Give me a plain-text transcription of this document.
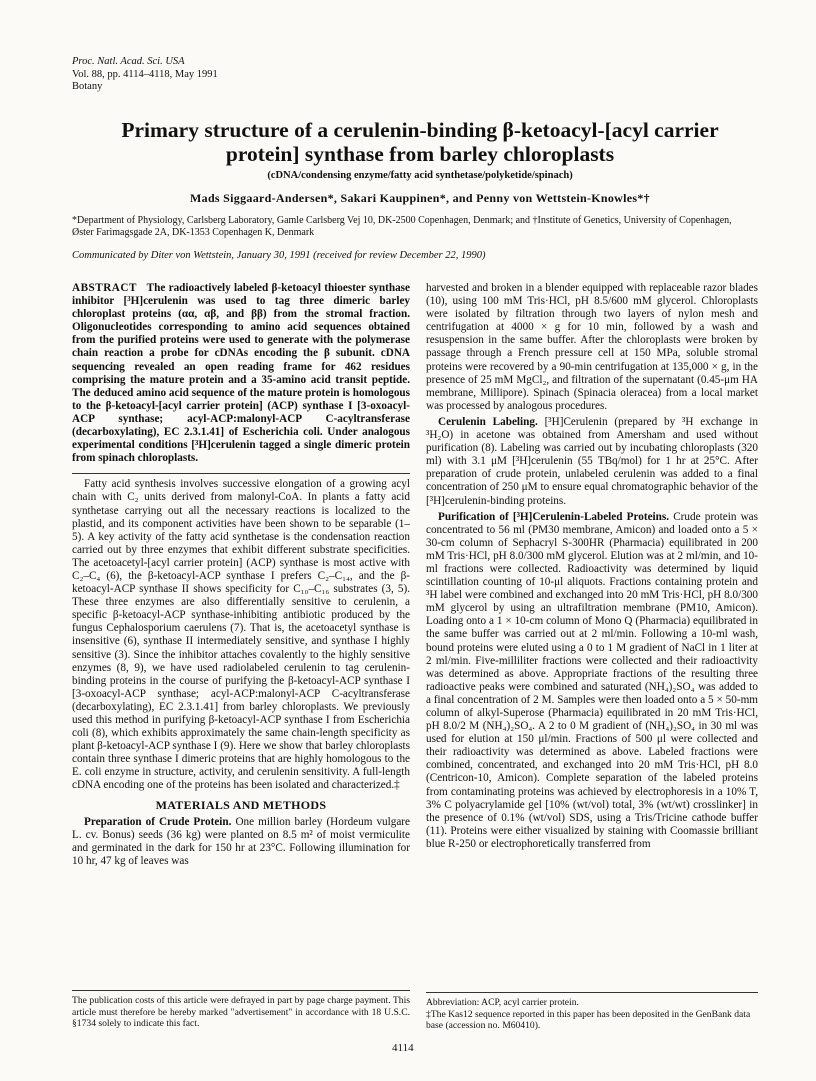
Proc. Natl. Acad. Sci. USA
Vol. 88, pp. 4114–4118, May 1991
Botany
Primary structure of a cerulenin-binding β-ketoacyl-[acyl carrier protein] synthase from barley chloroplasts
(cDNA/condensing enzyme/fatty acid synthetase/polyketide/spinach)
Mads Siggaard-Andersen*, Sakari Kauppinen*, and Penny von Wettstein-Knowles*†
*Department of Physiology, Carlsberg Laboratory, Gamle Carlsberg Vej 10, DK-2500 Copenhagen, Denmark; and †Institute of Genetics, University of Copenhagen, Øster Farimagsgade 2A, DK-1353 Copenhagen K, Denmark
Communicated by Diter von Wettstein, January 30, 1991 (received for review December 22, 1990)
ABSTRACT The radioactively labeled β-ketoacyl thioester synthase inhibitor [³H]cerulenin was used to tag three dimeric barley chloroplast proteins (αα, αβ, and ββ) from the stromal fraction. Oligonucleotides corresponding to amino acid sequences obtained from the purified proteins were used to generate with the polymerase chain reaction a probe for cDNAs encoding the β subunit. cDNA sequencing revealed an open reading frame for 462 residues comprising the mature protein and a 35-amino acid transit peptide. The deduced amino acid sequence of the mature protein is homologous to the β-ketoacyl-[acyl carrier protein] (ACP) synthase I [3-oxoacyl-ACP synthase; acyl-ACP:malonyl-ACP C-acyltransferase (decarboxylating), EC 2.3.1.41] of Escherichia coli. Under analogous experimental conditions [³H]cerulenin tagged a single dimeric protein from spinach chloroplasts.

Fatty acid synthesis involves successive elongation of a growing acyl chain with C₂ units derived from malonyl-CoA. In plants a fatty acid synthetase carrying out all the necessary reactions is localized to the plastid, and its component activities have been shown to be separable (1–5). A key activity of the fatty acid synthetase is the condensation reaction carried out by three enzymes that exhibit different substrate specificities. The acetoacetyl-[acyl carrier protein] (ACP) synthase is most active with C₂–C₄ (6), the β-ketoacyl-ACP synthase I prefers C₂–C₁₄, and the β-ketoacyl-ACP synthase II shows specificity for C₁₀–C₁₆ substrates (3, 5). These three enzymes are also differentially sensitive to cerulenin, a specific β-ketoacyl-ACP synthase-inhibiting antibiotic produced by the fungus Cephalosporium caerulens (7). That is, the acetoacetyl synthase is insensitive (6), synthase II intermediately sensitive, and synthase I highly sensitive (3). Since the inhibitor attaches covalently to the highly sensitive enzymes (8, 9), we have used radiolabeled cerulenin to tag cerulenin-binding proteins in the course of purifying the β-ketoacyl-ACP synthase I [3-oxoacyl-ACP synthase; acyl-ACP:malonyl-ACP C-acyltransferase (decarboxylating), EC 2.3.1.41] from barley chloroplasts. We previously used this method in purifying β-ketoacyl-ACP synthase I from Escherichia coli (8), which exhibits approximately the same chain-length specificity as plant β-ketoacyl-ACP synthase I (9). Here we show that barley chloroplasts contain three synthase I dimeric proteins that are highly homologous to the E. coli enzyme in structure, activity, and cerulenin sensitivity. A full-length cDNA encoding one of the proteins has been isolated and characterized.‡

MATERIALS AND METHODS

Preparation of Crude Protein. One million barley (Hordeum vulgare L. cv. Bonus) seeds (36 kg) were planted on 8.5 m² of moist vermiculite and germinated in the dark for 150 hr at 23°C. Following illumination for 10 hr, 47 kg of leaves was

harvested and broken in a blender equipped with replaceable razor blades (10), using 100 mM Tris·HCl, pH 8.5/600 mM glycerol. Chloroplasts were isolated by filtration through two layers of nylon mesh and centrifugation at 4000 × g for 10 min, followed by a wash and resuspension in the same buffer. After the chloroplasts were broken by passage through a French pressure cell at 150 MPa, soluble stromal proteins were recovered by a 90-min centrifugation at 135,000 × g, in the presence of 25 mM MgCl₂, and filtration of the supernatant (0.45-μm HA membrane, Millipore). Spinach (Spinacia oleracea) from a local market was processed by analogous procedures.

Cerulenin Labeling. [³H]Cerulenin (prepared by ³H exchange in ³H₂O) in acetone was obtained from Amersham and used without purification (8). Labeling was carried out by incubating chloroplasts (320 ml) with 3.1 μM [³H]cerulenin (55 TBq/mol) for 1 hr at 25°C. After preparation of crude protein, unlabeled cerulenin was added to a final concentration of 250 μM to ensure equal chromatographic behavior of the [³H]cerulenin-binding proteins.

Purification of [³H]Cerulenin-Labeled Proteins. Crude protein was concentrated to 56 ml (PM30 membrane, Amicon) and loaded onto a 5 × 30-cm column of Sephacryl S-300HR (Pharmacia) equilibrated in 200 mM Tris·HCl, pH 8.0/300 mM glycerol. Elution was at 2 ml/min, and 10-ml fractions were collected. Radioactivity was determined by liquid scintillation counting of 10-μl aliquots. Fractions containing protein and ³H label were combined and exchanged into 20 mM Tris·HCl, pH 8.0/300 mM glycerol by using an ultrafiltration membrane (PM10, Amicon). Loading onto a 1 × 10-cm column of Mono Q (Pharmacia) equilibrated in the same buffer was carried out at 2 ml/min. Following a 10-ml wash, bound proteins were eluted using a 0 to 1 M gradient of NaCl in 1 liter at 2 ml/min. Five-milliliter fractions were collected and their radioactivity was determined as above. Appropriate fractions of the resulting three radioactive peaks were combined and saturated (NH₄)₂SO₄ was added to a final concentration of 2 M. Samples were then loaded onto a 5 × 50-mm column of alkyl-Superose (Pharmacia) equilibrated in 20 mM Tris·HCl, pH 8.0/2 M (NH₄)₂SO₄. A 2 to 0 M gradient of (NH₄)₂SO₄ in 30 ml was used for elution at 150 μl/min. Fractions of 500 μl were collected and their radioactivity was determined as above. Labeled fractions were combined, concentrated, and exchanged into 20 mM Tris·HCl, pH 8.0 (Centricon-10, Amicon). Complete separation of the labeled proteins from contaminating proteins was achieved by electrophoresis in a 10% T, 3% C polyacrylamide gel [10% (wt/vol) total, 3% (wt/wt) crosslinker] in the presence of 0.1% (wt/vol) SDS, using a Tris/Tricine cathode buffer (11). Proteins were either visualized by staining with Coomassie brilliant blue R-250 or electrophoretically transferred from

The publication costs of this article were defrayed in part by page charge payment. This article must therefore be hereby marked "advertisement" in accordance with 18 U.S.C. §1734 solely to indicate this fact.
Abbreviation: ACP, acyl carrier protein.
‡The Kas12 sequence reported in this paper has been deposited in the GenBank data base (accession no. M60410).
4114
